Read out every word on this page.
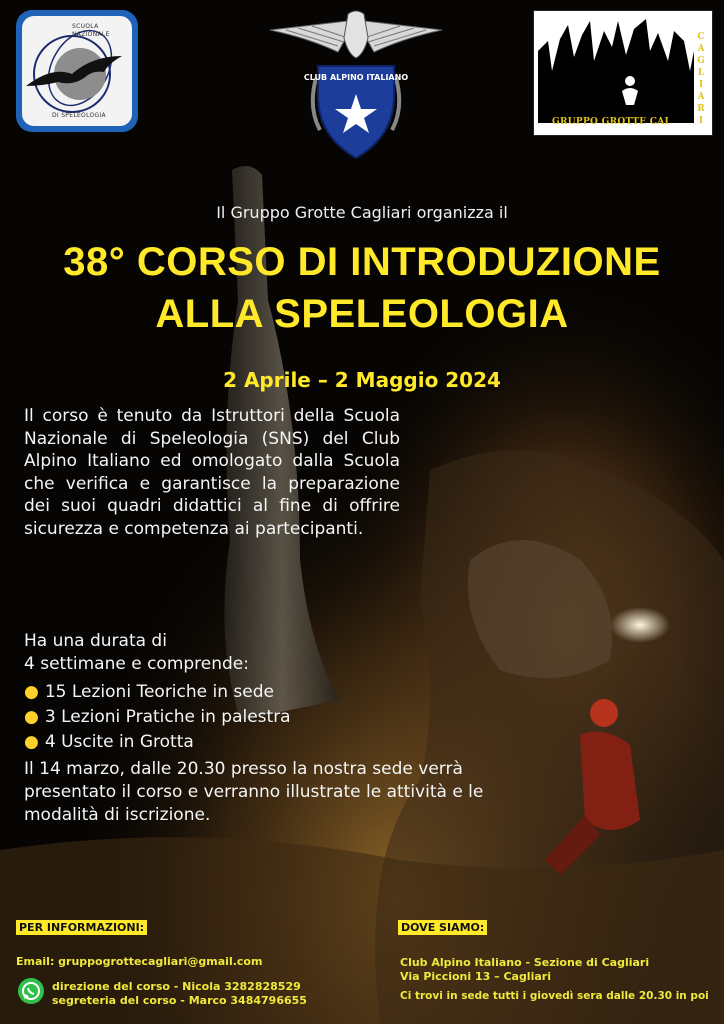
SCUOLA NAZIONALE
DI SPELEOLOGIA
CLUB ALPINO ITALIANO
GRUPPO GROTTE CAI
C
A
G
L
I
A
R
I
Il Gruppo Grotte Cagliari organizza il
38° CORSO DI INTRODUZIONE
ALLA SPELEOLOGIA
2 Aprile – 2 Maggio 2024
Il corso è tenuto da Istruttori della Scuola Nazionale di Speleologia (SNS) del Club Alpino Italiano ed omologato dalla Scuola che verifica e garantisce la preparazione dei suoi quadri didattici al fine di offrire sicurezza e competenza ai partecipanti.
Ha una durata di
4 settimane e comprende:
● 15 Lezioni Teoriche in sede
● 3 Lezioni Pratiche in palestra
● 4 Uscite in Grotta
Il 14 marzo, dalle 20.30 presso la nostra sede verrà presentato il corso e verranno illustrate le attività e le modalità di iscrizione.
PER INFORMAZIONI:
Email: gruppogrottecagliari@gmail.com
direzione del corso - Nicola 3282828529
segreteria del corso - Marco 3484796655
DOVE SIAMO:
Club Alpino Italiano - Sezione di Cagliari
Via Piccioni 13 – Cagliari
Ci trovi in sede tutti i giovedì sera dalle 20.30 in poi
